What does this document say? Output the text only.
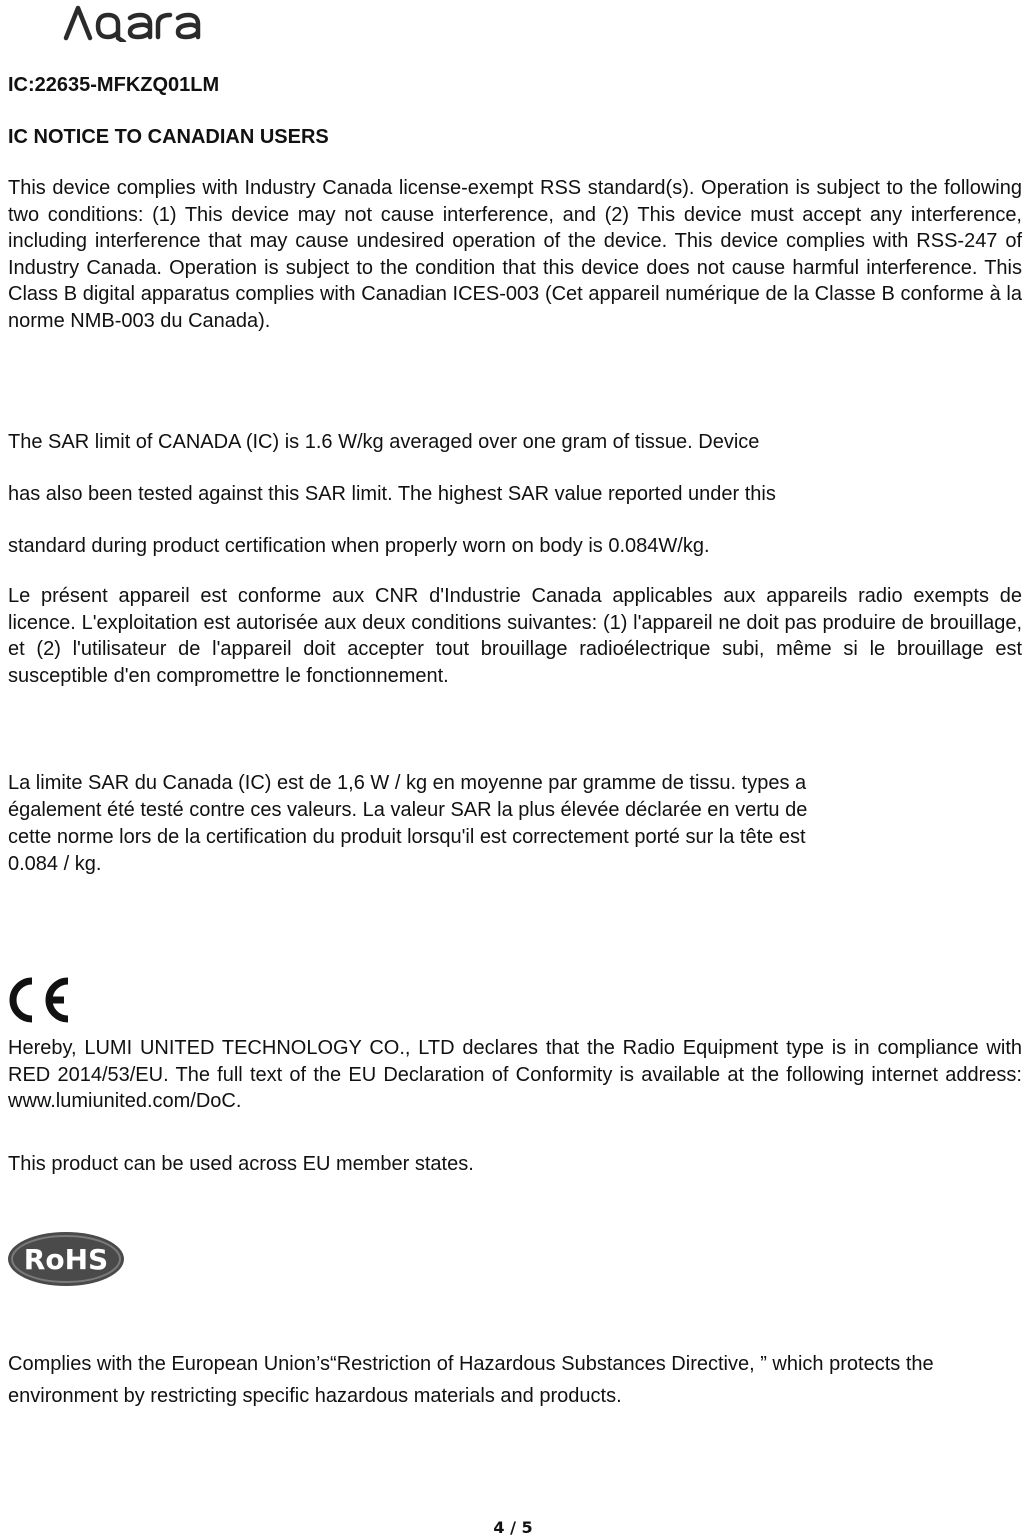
Aqara
IC:22635-MFKZQ01LM
IC NOTICE TO CANADIAN USERS
This device complies with Industry Canada license‐exempt RSS standard(s). Operation is subject to the following two conditions: (1) This device may not cause interference, and (2) This device must accept any interference, including interference that may cause undesired operation of the device. This device complies with RSS‐247 of Industry Canada. Operation is subject to the condition that this device does not cause harmful interference. This Class B digital apparatus complies with Canadian ICES‐003 (Cet appareil numérique de la Classe B conforme à la norme NMB‐003 du Canada).
The SAR limit of CANADA (IC) is 1.6 W/kg averaged over one gram of tissue. Device
has also been tested against this SAR limit. The highest SAR value reported under this
standard during product certification when properly worn on body is 0.084W/kg.
Le présent appareil est conforme aux CNR d'Industrie Canada applicables aux appareils radio exempts de licence. L'exploitation est autorisée aux deux conditions suivantes: (1) l'appareil ne doit pas produire de brouillage, et (2) l'utilisateur de l'appareil doit accepter tout brouillage radioélectrique subi, même si le brouillage est susceptible d'en compromettre le fonctionnement.
La limite SAR du Canada (IC) est de 1,6 W / kg en moyenne par gramme de tissu. types a
également été testé contre ces valeurs. La valeur SAR la plus élevée déclarée en vertu de
cette norme lors de la certification du produit lorsqu'il est correctement porté sur la tête est
0.084 / kg.
CE
Hereby, LUMI UNITED TECHNOLOGY CO., LTD declares that the Radio Equipment type is in compliance with RED 2014/53/EU. The full text of the EU Declaration of Conformity is available at the following internet address: www.lumiunited.com/DoC.
This product can be used across EU member states.
RoHS
Complies with the European Union’s“Restriction of Hazardous Substances Directive, ” which protects the environment by restricting specific hazardous materials and products.
4 / 5
